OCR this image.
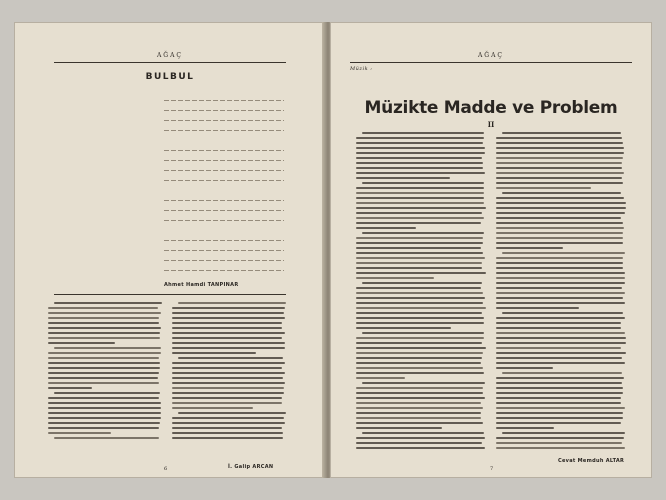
AĞAÇ
BULBUL
Ahmet Hamdi TANPINAR
İ. Galip ARCAN
6
Müzik :
AĞAÇ
Müzikte Madde ve Problem
II
Cevat Memduh ALTAR
7
